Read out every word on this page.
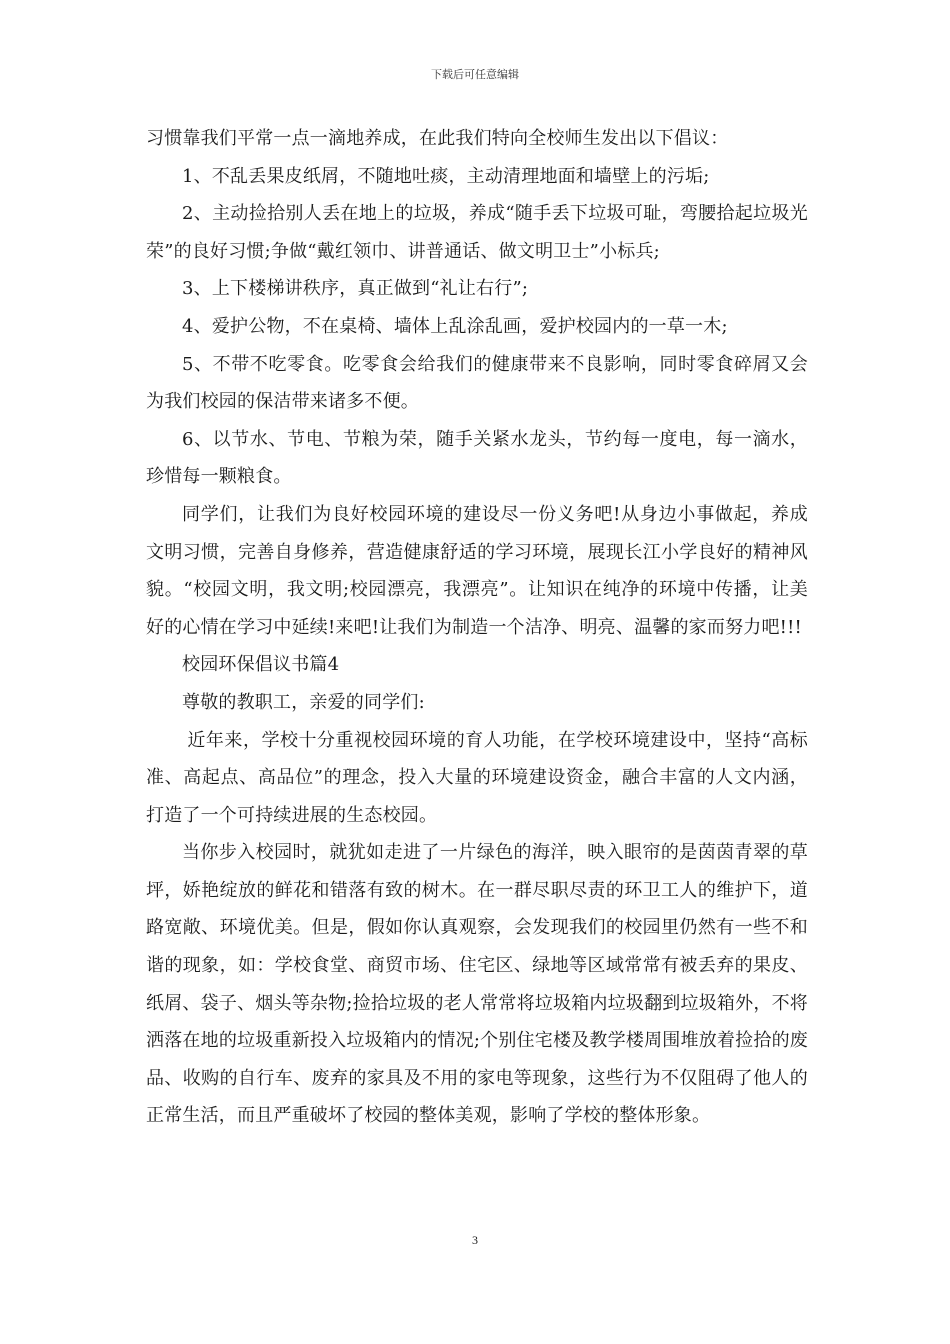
下载后可任意编辑

习惯靠我们平常一点一滴地养成，在此我们特向全校师生发出以下倡议：

1、不乱丢果皮纸屑，不随地吐痰，主动清理地面和墙壁上的污垢;

2、主动捡拾别人丢在地上的垃圾，养成“随手丢下垃圾可耻，弯腰拾起垃圾光荣”的良好习惯;争做“戴红领巾、讲普通话、做文明卫士”小标兵;

3、上下楼梯讲秩序，真正做到“礼让右行”;

4、爱护公物，不在桌椅、墙体上乱涂乱画，爱护校园内的一草一木;

5、不带不吃零食。吃零食会给我们的健康带来不良影响，同时零食碎屑又会为我们校园的保洁带来诸多不便。

6、以节水、节电、节粮为荣，随手关紧水龙头，节约每一度电，每一滴水，珍惜每一颗粮食。

同学们，让我们为良好校园环境的建设尽一份义务吧!从身边小事做起，养成文明习惯，完善自身修养，营造健康舒适的学习环境，展现长江小学良好的精神风貌。“校园文明，我文明;校园漂亮，我漂亮”。让知识在纯净的环境中传播，让美好的心情在学习中延续!来吧!让我们为制造一个洁净、明亮、温馨的家而努力吧!!!

校园环保倡议书篇4

尊敬的教职工，亲爱的同学们:

近年来，学校十分重视校园环境的育人功能，在学校环境建设中，坚持“高标准、高起点、高品位”的理念，投入大量的环境建设资金，融合丰富的人文内涵，打造了一个可持续进展的生态校园。

当你步入校园时，就犹如走进了一片绿色的海洋，映入眼帘的是茵茵青翠的草坪，娇艳绽放的鲜花和错落有致的树木。在一群尽职尽责的环卫工人的维护下，道路宽敞、环境优美。但是，假如你认真观察，会发现我们的校园里仍然有一些不和谐的现象，如：学校食堂、商贸市场、住宅区、绿地等区域常常有被丢弃的果皮、纸屑、袋子、烟头等杂物;捡拾垃圾的老人常常将垃圾箱内垃圾翻到垃圾箱外，不将洒落在地的垃圾重新投入垃圾箱内的情况;个别住宅楼及教学楼周围堆放着捡拾的废品、收购的自行车、废弃的家具及不用的家电等现象，这些行为不仅阻碍了他人的正常生活，而且严重破坏了校园的整体美观，影响了学校的整体形象。

3
